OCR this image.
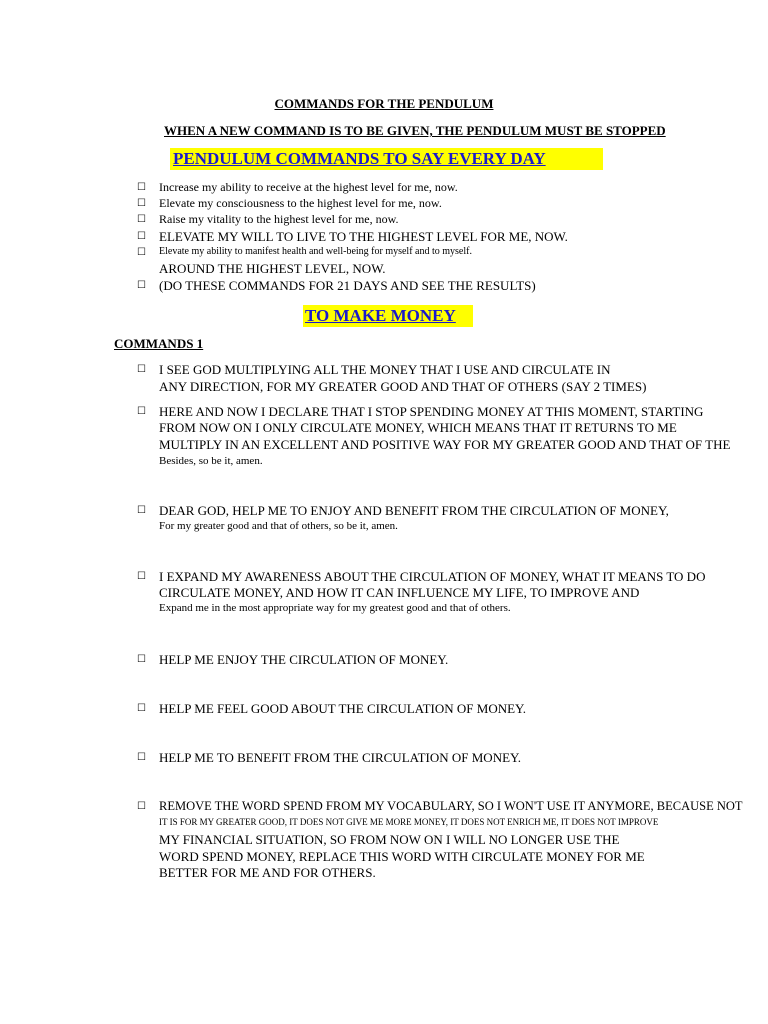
COMMANDS FOR THE PENDULUM
WHEN A NEW COMMAND IS TO BE GIVEN, THE PENDULUM MUST BE STOPPED
PENDULUM COMMANDS TO SAY EVERY DAY
☐ Increase my ability to receive at the highest level for me, now.
☐ Elevate my consciousness to the highest level for me, now.
☐ Raise my vitality to the highest level for me, now.
☐ ELEVATE MY WILL TO LIVE TO THE HIGHEST LEVEL FOR ME, NOW.
☐ Elevate my ability to manifest health and well-being for myself and to myself.
AROUND THE HIGHEST LEVEL, NOW.
☐ (DO THESE COMMANDS FOR 21 DAYS AND SEE THE RESULTS)
TO MAKE MONEY
COMMANDS 1
☐ I SEE GOD MULTIPLYING ALL THE MONEY THAT I USE AND CIRCULATE IN
ANY DIRECTION, FOR MY GREATER GOOD AND THAT OF OTHERS (SAY 2 TIMES)
☐ HERE AND NOW I DECLARE THAT I STOP SPENDING MONEY AT THIS MOMENT, STARTING
FROM NOW ON I ONLY CIRCULATE MONEY, WHICH MEANS THAT IT RETURNS TO ME
MULTIPLY IN AN EXCELLENT AND POSITIVE WAY FOR MY GREATER GOOD AND THAT OF THE
Besides, so be it, amen.
☐ DEAR GOD, HELP ME TO ENJOY AND BENEFIT FROM THE CIRCULATION OF MONEY,
For my greater good and that of others, so be it, amen.
☐ I EXPAND MY AWARENESS ABOUT THE CIRCULATION OF MONEY, WHAT IT MEANS TO DO
CIRCULATE MONEY, AND HOW IT CAN INFLUENCE MY LIFE, TO IMPROVE AND
Expand me in the most appropriate way for my greatest good and that of others.
☐ HELP ME ENJOY THE CIRCULATION OF MONEY.
☐ HELP ME FEEL GOOD ABOUT THE CIRCULATION OF MONEY.
☐ HELP ME TO BENEFIT FROM THE CIRCULATION OF MONEY.
☐ REMOVE THE WORD SPEND FROM MY VOCABULARY, SO I WON'T USE IT ANYMORE, BECAUSE NOT
IT IS FOR MY GREATER GOOD, IT DOES NOT GIVE ME MORE MONEY, IT DOES NOT ENRICH ME, IT DOES NOT IMPROVE
MY FINANCIAL SITUATION, SO FROM NOW ON I WILL NO LONGER USE THE
WORD SPEND MONEY, REPLACE THIS WORD WITH CIRCULATE MONEY FOR ME
BETTER FOR ME AND FOR OTHERS.
